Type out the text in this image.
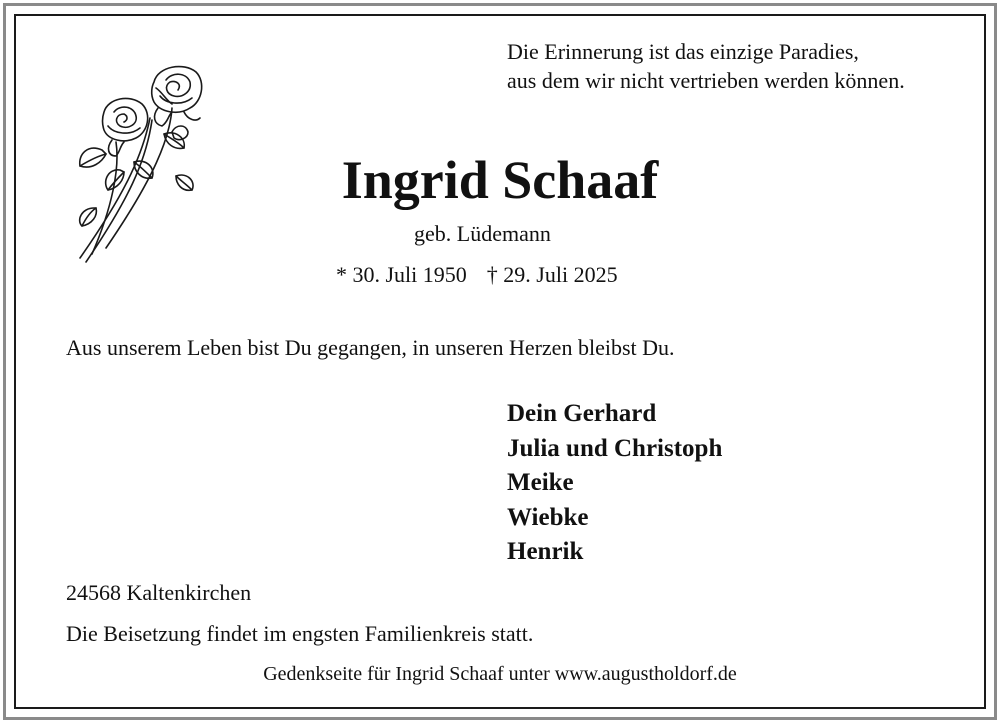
Die Erinnerung ist das einzige Paradies,
aus dem wir nicht vertrieben werden können.
Ingrid Schaaf
geb. Lüdemann
* 30. Juli 1950 † 29. Juli 2025
Aus unserem Leben bist Du gegangen, in unseren Herzen bleibst Du.
Dein Gerhard
Julia und Christoph
Meike
Wiebke
Henrik
24568 Kaltenkirchen
Die Beisetzung findet im engsten Familienkreis statt.
Gedenkseite für Ingrid Schaaf unter www.augustholdorf.de
